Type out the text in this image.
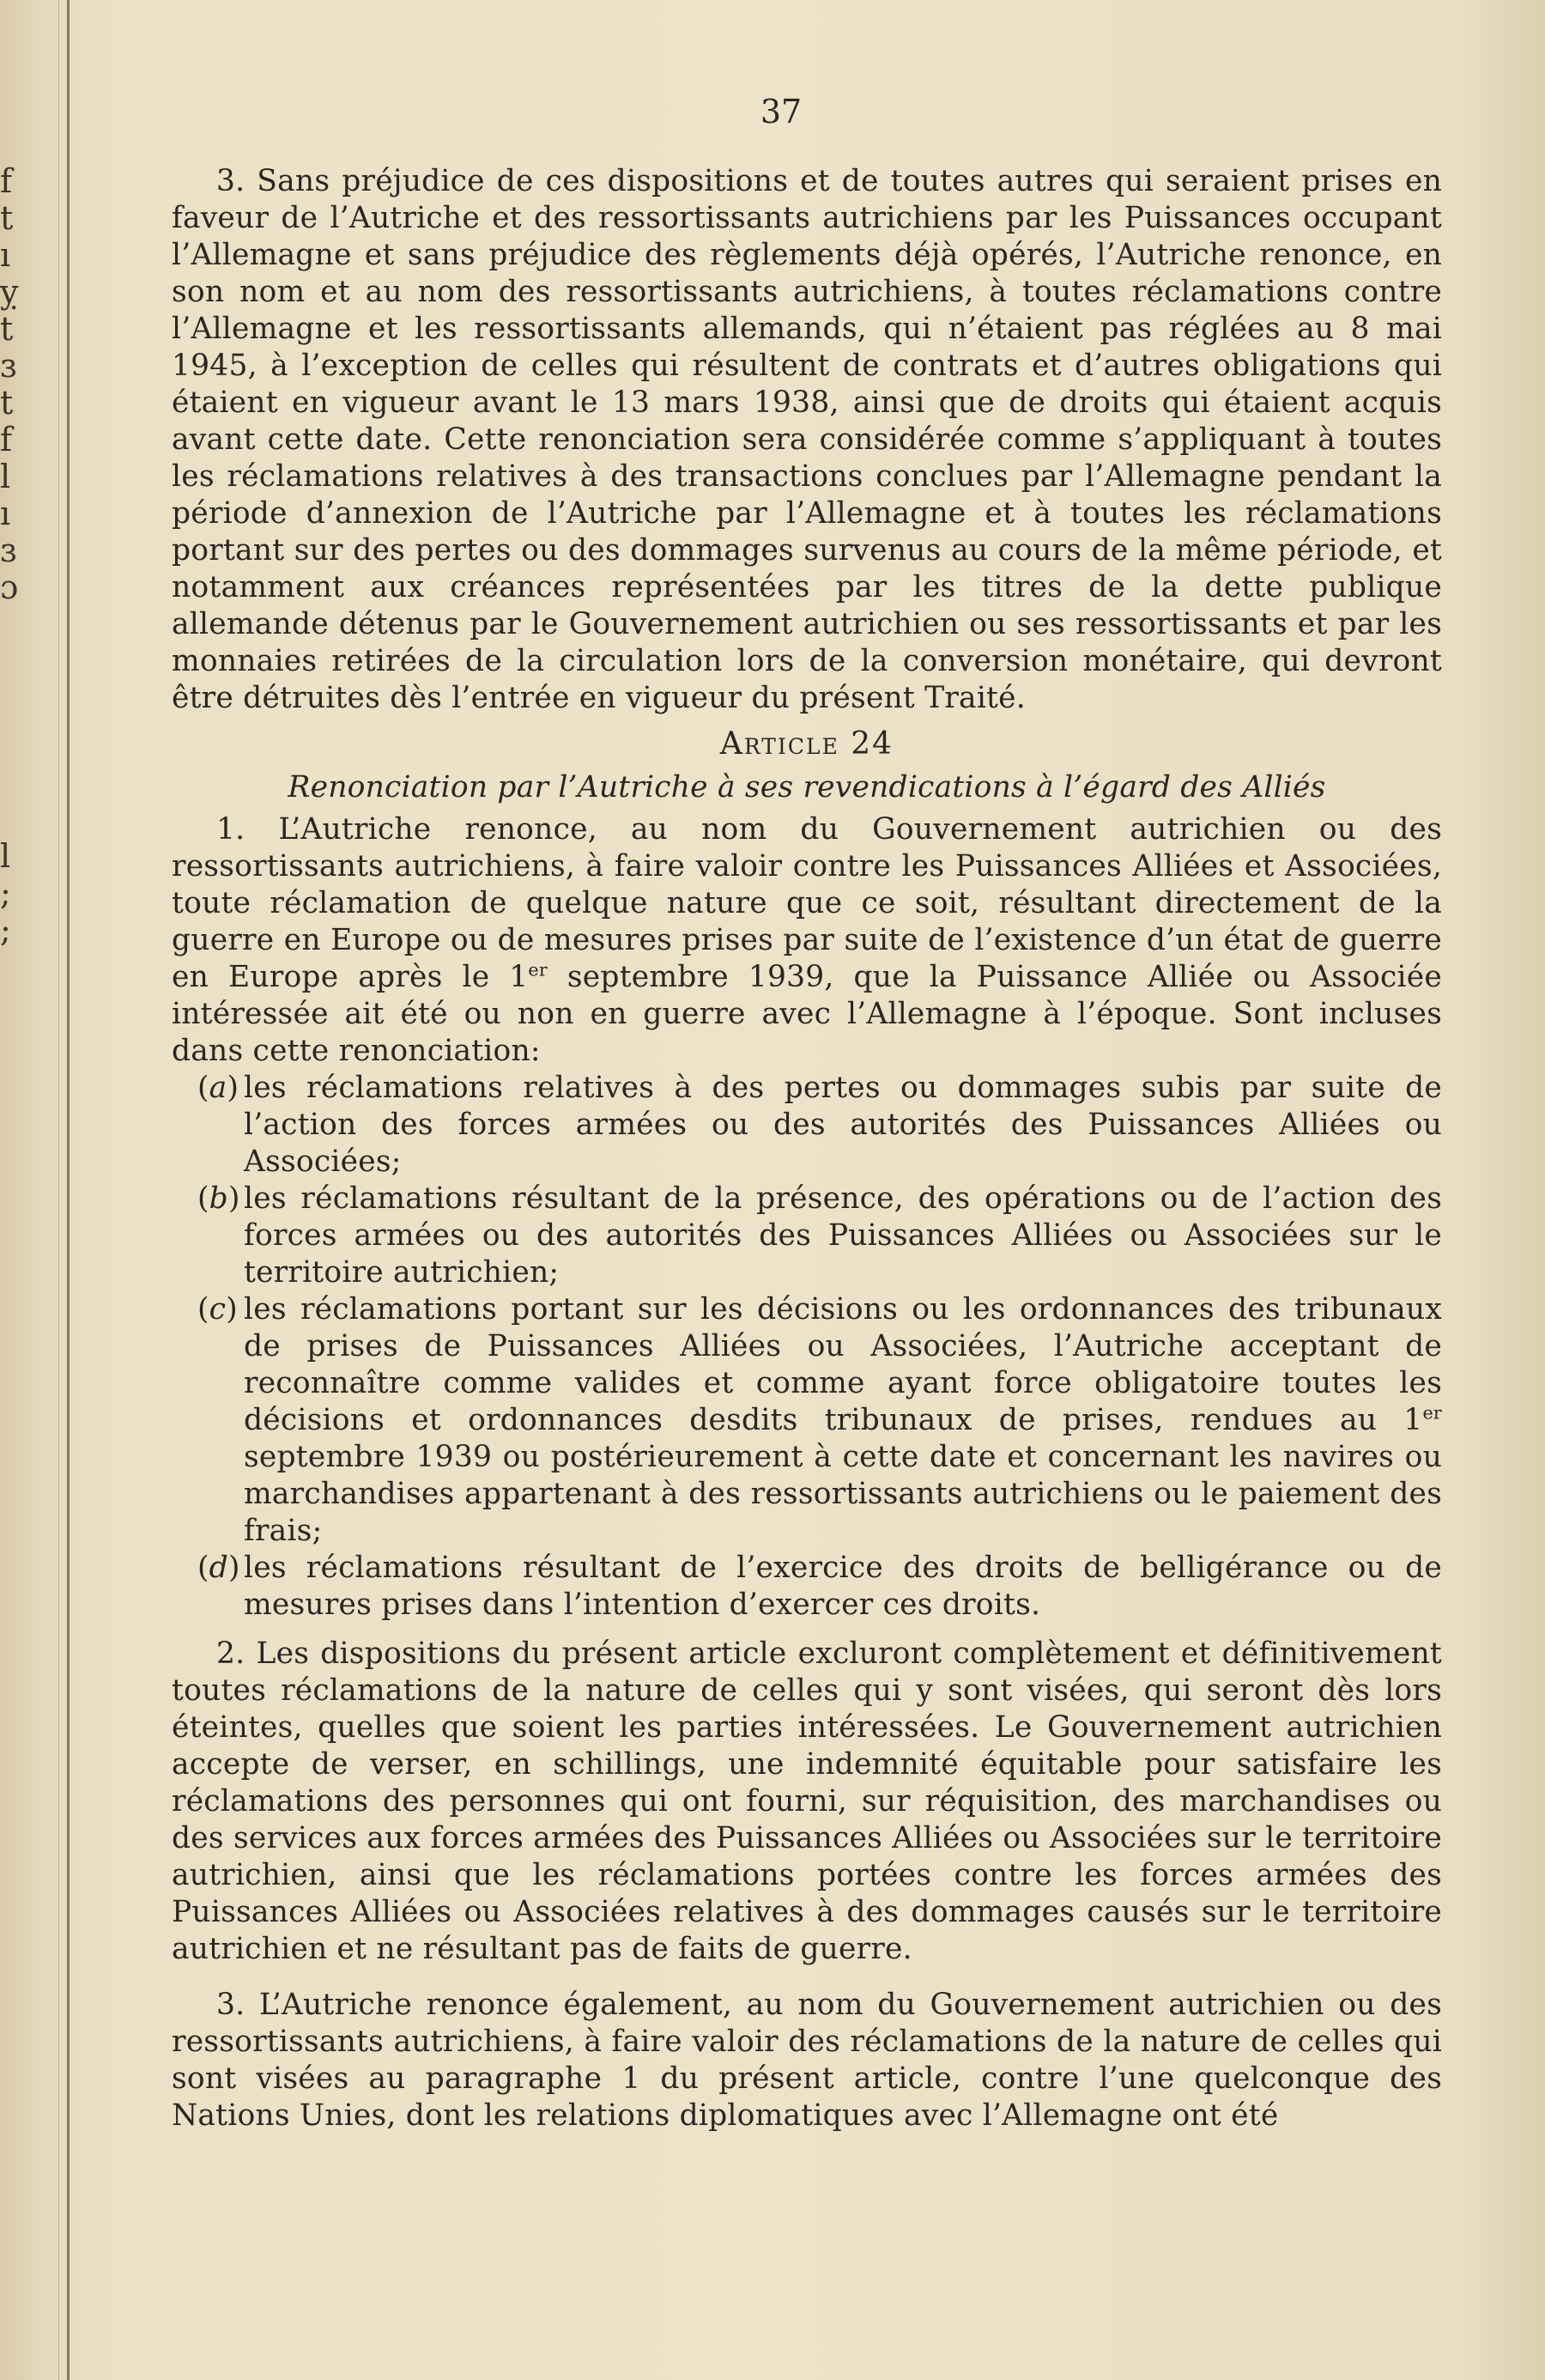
f
t
ı
ỵ
t
ɜ
t
f
l
ı
ɜ
ɔ
l
;
;
37

3. Sans préjudice de ces dispositions et de toutes autres qui seraient prises en faveur de l’Autriche et des ressortissants autrichiens par les Puissances occupant l’Allemagne et sans préjudice des règlements déjà opérés, l’Autriche renonce, en son nom et au nom des ressortissants autrichiens, à toutes réclamations contre l’Allemagne et les ressortissants allemands, qui n’étaient pas réglées au 8 mai 1945, à l’exception de celles qui résultent de contrats et d’autres obligations qui étaient en vigueur avant le 13 mars 1938, ainsi que de droits qui étaient acquis avant cette date. Cette renonciation sera considérée comme s’appliquant à toutes les réclamations relatives à des transactions conclues par l’Allemagne pendant la période d’annexion de l’Autriche par l’Allemagne et à toutes les réclamations portant sur des pertes ou des dommages survenus au cours de la même période, et notamment aux créances représentées par les titres de la dette publique allemande détenus par le Gouvernement autrichien ou ses ressortissants et par les monnaies retirées de la circulation lors de la conversion monétaire, qui devront être détruites dès l’entrée en vigueur du présent Traité.

Article 24
Renonciation par l’Autriche à ses revendications à l’égard des Alliés

1. L’Autriche renonce, au nom du Gouvernement autrichien ou des ressortissants autrichiens, à faire valoir contre les Puissances Alliées et Associées, toute réclamation de quelque nature que ce soit, résultant directement de la guerre en Europe ou de mesures prises par suite de l’existence d’un état de guerre en Europe après le 1er septembre 1939, que la Puissance Alliée ou Associée intéressée ait été ou non en guerre avec l’Allemagne à l’époque. Sont incluses dans cette renonciation:

(a) les réclamations relatives à des pertes ou dommages subis par suite de l’action des forces armées ou des autorités des Puissances Alliées ou Associées;
(b) les réclamations résultant de la présence, des opérations ou de l’action des forces armées ou des autorités des Puissances Alliées ou Associées sur le territoire autrichien;
(c) les réclamations portant sur les décisions ou les ordonnances des tribunaux de prises de Puissances Alliées ou Associées, l’Autriche acceptant de reconnaître comme valides et comme ayant force obligatoire toutes les décisions et ordonnances desdits tribunaux de prises, rendues au 1er septembre 1939 ou postérieurement à cette date et concernant les navires ou marchandises appartenant à des ressortissants autrichiens ou le paiement des frais;
(d) les réclamations résultant de l’exercice des droits de belligérance ou de mesures prises dans l’intention d’exercer ces droits.

2. Les dispositions du présent article excluront complètement et définitivement toutes réclamations de la nature de celles qui y sont visées, qui seront dès lors éteintes, quelles que soient les parties intéressées. Le Gouvernement autrichien accepte de verser, en schillings, une indemnité équitable pour satisfaire les réclamations des personnes qui ont fourni, sur réquisition, des marchandises ou des services aux forces armées des Puissances Alliées ou Associées sur le territoire autrichien, ainsi que les réclamations portées contre les forces armées des Puissances Alliées ou Associées relatives à des dommages causés sur le territoire autrichien et ne résultant pas de faits de guerre.

3. L’Autriche renonce également, au nom du Gouvernement autrichien ou des ressortissants autrichiens, à faire valoir des réclamations de la nature de celles qui sont visées au paragraphe 1 du présent article, contre l’une quelconque des Nations Unies, dont les relations diplomatiques avec l’Allemagne ont été
